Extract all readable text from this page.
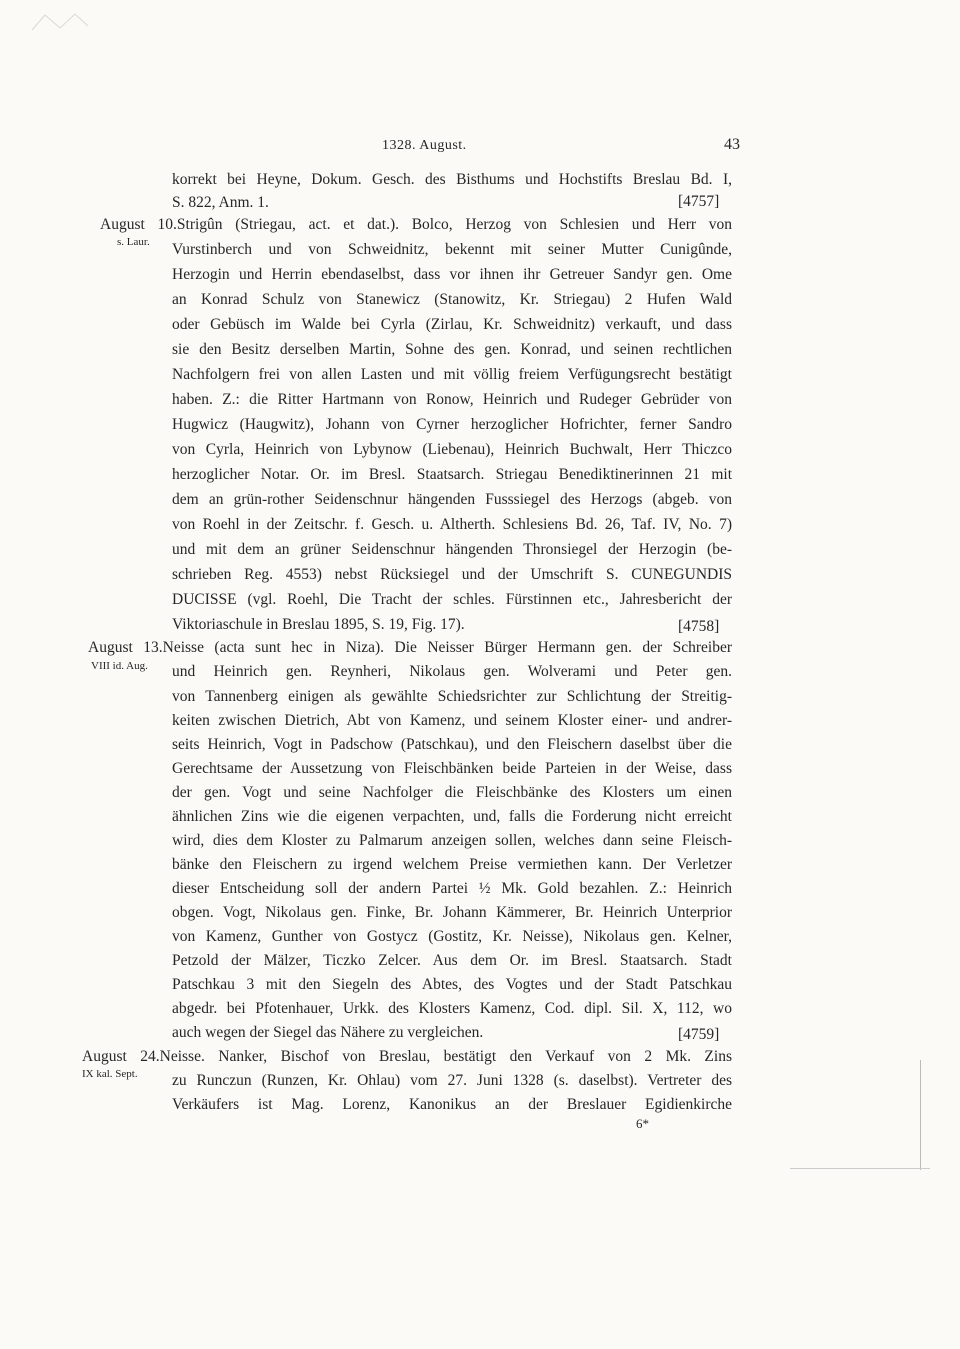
1328. August.	43
korrekt bei Heyne, Dokum. Gesch. des Bisthums und Hochstifts Breslau Bd. I,
S. 822, Anm. 1.	[4757]
August 10.Strigûn (Striegau, act. et dat.). Bolco, Herzog von Schlesien und Herr von
s. Laur. Vurstinberch und von Schweidnitz, bekennt mit seiner Mutter Cunigûnde,
Herzogin und Herrin ebendaselbst, dass vor ihnen ihr Getreuer Sandyr gen. Ome
an Konrad Schulz von Stanewicz (Stanowitz, Kr. Striegau) 2 Hufen Wald
oder Gebüsch im Walde bei Cyrla (Zirlau, Kr. Schweidnitz) verkauft, und dass
sie den Besitz derselben Martin, Sohne des gen. Konrad, und seinen rechtlichen
Nachfolgern frei von allen Lasten und mit völlig freiem Verfügungsrecht bestätigt
haben. Z.: die Ritter Hartmann von Ronow, Heinrich und Rudeger Gebrüder von
Hugwicz (Haugwitz), Johann von Cyrner herzoglicher Hofrichter, ferner Sandro
von Cyrla, Heinrich von Lybynow (Liebenau), Heinrich Buchwalt, Herr Thiczco
herzoglicher Notar. Or. im Bresl. Staatsarch. Striegau Benediktinerinnen 21 mit
dem an grün-rother Seidenschnur hängenden Fusssiegel des Herzogs (abgeb. von
von Roehl in der Zeitschr. f. Gesch. u. Altherth. Schlesiens Bd. 26, Taf. IV, No. 7)
und mit dem an grüner Seidenschnur hängenden Thronsiegel der Herzogin (be-
schrieben Reg. 4553) nebst Rücksiegel und der Umschrift S. CUNEGUNDIS
DUCISSE (vgl. Roehl, Die Tracht der schles. Fürstinnen etc., Jahresbericht der
Viktoriaschule in Breslau 1895, S. 19, Fig. 17).	[4758]
August 13.Neisse (acta sunt hec in Niza). Die Neisser Bürger Hermann gen. der Schreiber
VIII id. Aug. und Heinrich gen. Reynheri, Nikolaus gen. Wolverami und Peter gen.
von Tannenberg einigen als gewählte Schiedsrichter zur Schlichtung der Streitig-
keiten zwischen Dietrich, Abt von Kamenz, und seinem Kloster einer- und andrer-
seits Heinrich, Vogt in Padschow (Patschkau), und den Fleischern daselbst über die
Gerechtsame der Aussetzung von Fleischbänken beide Parteien in der Weise, dass
der gen. Vogt und seine Nachfolger die Fleischbänke des Klosters um einen
ähnlichen Zins wie die eigenen verpachten, und, falls die Forderung nicht erreicht
wird, dies dem Kloster zu Palmarum anzeigen sollen, welches dann seine Fleisch-
bänke den Fleischern zu irgend welchem Preise vermiethen kann. Der Verletzer
dieser Entscheidung soll der andern Partei ½ Mk. Gold bezahlen. Z.: Heinrich
obgen. Vogt, Nikolaus gen. Finke, Br. Johann Kämmerer, Br. Heinrich Unterprior
von Kamenz, Gunther von Gostycz (Gostitz, Kr. Neisse), Nikolaus gen. Kelner,
Petzold der Mälzer, Ticzko Zelcer. Aus dem Or. im Bresl. Staatsarch. Stadt
Patschkau 3 mit den Siegeln des Abtes, des Vogtes und der Stadt Patschkau
abgedr. bei Pfotenhauer, Urkk. des Klosters Kamenz, Cod. dipl. Sil. X, 112, wo
auch wegen der Siegel das Nähere zu vergleichen.	[4759]
August 24.Neisse. Nanker, Bischof von Breslau, bestätigt den Verkauf von 2 Mk. Zins
IX kal. Sept. zu Runczun (Runzen, Kr. Ohlau) vom 27. Juni 1328 (s. daselbst). Vertreter des
Verkäufers ist Mag. Lorenz, Kanonikus an der Breslauer Egidienkirche
6*
